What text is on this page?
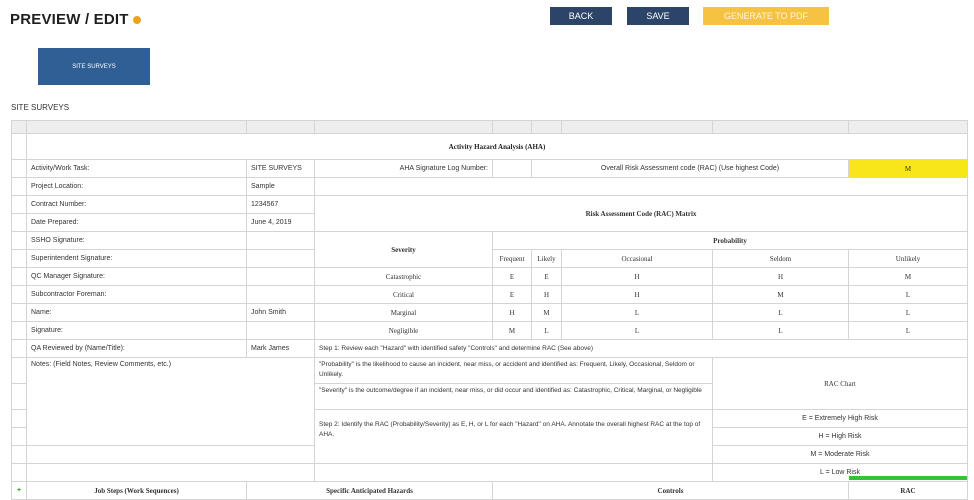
PREVIEW / EDIT	BACK	SAVE	GENERATE TO PDF
SITE SURVEYS
SITE SURVEYS

	Activity Hazard Analysis (AHA)							
	Activity/Work Task:	SITE SURVEYS	AHA Signature Log Number:		Overall Risk Assessment code (RAC) (Use highest Code)			M
	Project Location:	Sample						
	Contract Number:	1234567	Risk Assessment Code (RAC) Matrix					
	Date Prepared:	June 4, 2019						
	SSHO Signature:		Severity	Probability				
	Superintendent Signature:			Frequent	Likely	Occasional	Seldom	Unlikely
	QC Manager Signature:		Catastrophic	E	E	H	H	M
	Subcontractor Foreman:		Critical	E	H	H	M	L
	Name:	John Smith	Marginal	H	M	L	L	L
	Signature:		Negligible	M	L	L	L	L
	QA Reviewed by (Name/Title):	Mark James	Step 1: Review each "Hazard" with identified safety "Controls" and determine RAC (See above)					
	Notes: (Field Notes, Review Comments, etc.)		"Probability" is the likelihood to cause an incident, near miss, or accident and identified as: Frequent, Likely, Occasional, Seldom or Unlikely.				RAC Chart	
			"Severity" is the outcome/degree if an incident, near miss, or did occur and identified as: Catastrophic, Critical, Marginal, or Negligible					
			Step 2: Identify the RAC (Probability/Severity) as E, H, or L for each "Hazard" on AHA. Annotate the overall highest RAC at the top of AHA.				E = Extremely High Risk	
							H = High Risk	
							M = Moderate Risk	
							L = Low Risk	
+	Job Steps (Work Sequences)	Specific Anticipated Hazards		Controls				RAC
